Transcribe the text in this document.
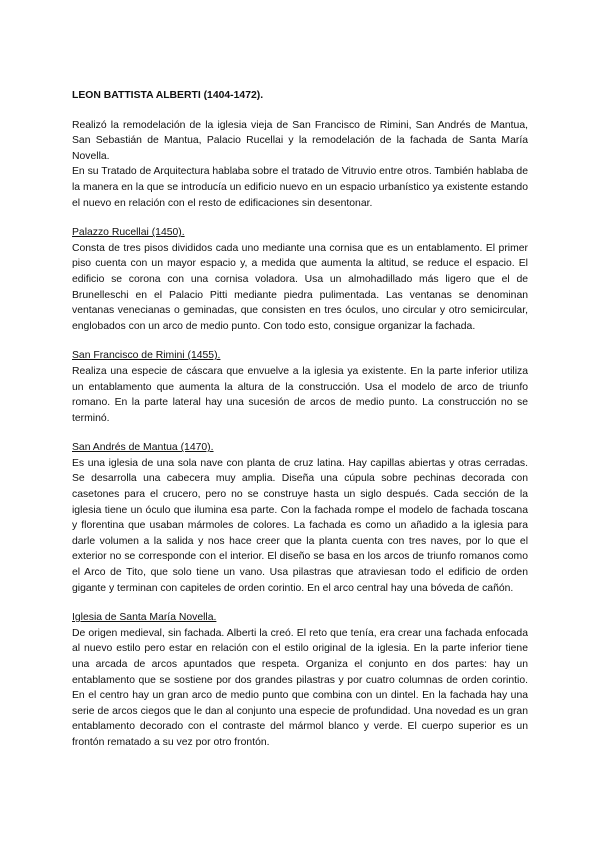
LEON BATTISTA ALBERTI (1404-1472).

Realizó la remodelación de la iglesia vieja de San Francisco de Rimini, San Andrés de Mantua, San Sebastián de Mantua, Palacio Rucellai y la remodelación de la fachada de Santa María Novella.

En su Tratado de Arquitectura hablaba sobre el tratado de Vitruvio entre otros. También hablaba de la manera en la que se introducía un edificio nuevo en un espacio urbanístico ya existente estando el nuevo en relación con el resto de edificaciones sin desentonar.

Palazzo Rucellai (1450).

Consta de tres pisos divididos cada uno mediante una cornisa que es un entablamento. El primer piso cuenta con un mayor espacio y, a medida que aumenta la altitud, se reduce el espacio. El edificio se corona con una cornisa voladora. Usa un almohadillado más ligero que el de Brunelleschi en el Palacio Pitti mediante piedra pulimentada. Las ventanas se denominan ventanas venecianas o geminadas, que consisten en tres óculos, uno circular y otro semicircular, englobados con un arco de medio punto. Con todo esto, consigue organizar la fachada.

San Francisco de Rimini (1455).

Realiza una especie de cáscara que envuelve a la iglesia ya existente. En la parte inferior utiliza un entablamento que aumenta la altura de la construcción. Usa el modelo de arco de triunfo romano. En la parte lateral hay una sucesión de arcos de medio punto. La construcción no se terminó.

San Andrés de Mantua (1470).

Es una iglesia de una sola nave con planta de cruz latina. Hay capillas abiertas y otras cerradas. Se desarrolla una cabecera muy amplia. Diseña una cúpula sobre pechinas decorada con casetones para el crucero, pero no se construye hasta un siglo después. Cada sección de la iglesia tiene un óculo que ilumina esa parte. Con la fachada rompe el modelo de fachada toscana y florentina que usaban mármoles de colores. La fachada es como un añadido a la iglesia para darle volumen a la salida y nos hace creer que la planta cuenta con tres naves, por lo que el exterior no se corresponde con el interior. El diseño se basa en los arcos de triunfo romanos como el Arco de Tito, que solo tiene un vano. Usa pilastras que atraviesan todo el edificio de orden gigante y terminan con capiteles de orden corintio. En el arco central hay una bóveda de cañón.

Iglesia de Santa María Novella.

De origen medieval, sin fachada. Alberti la creó. El reto que tenía, era crear una fachada enfocada al nuevo estilo pero estar en relación con el estilo original de la iglesia. En la parte inferior tiene una arcada de arcos apuntados que respeta. Organiza el conjunto en dos partes: hay un entablamento que se sostiene por dos grandes pilastras y por cuatro columnas de orden corintio. En el centro hay un gran arco de medio punto que combina con un dintel. En la fachada hay una serie de arcos ciegos que le dan al conjunto una especie de profundidad. Una novedad es un gran entablamento decorado con el contraste del mármol blanco y verde. El cuerpo superior es un frontón rematado a su vez por otro frontón.
